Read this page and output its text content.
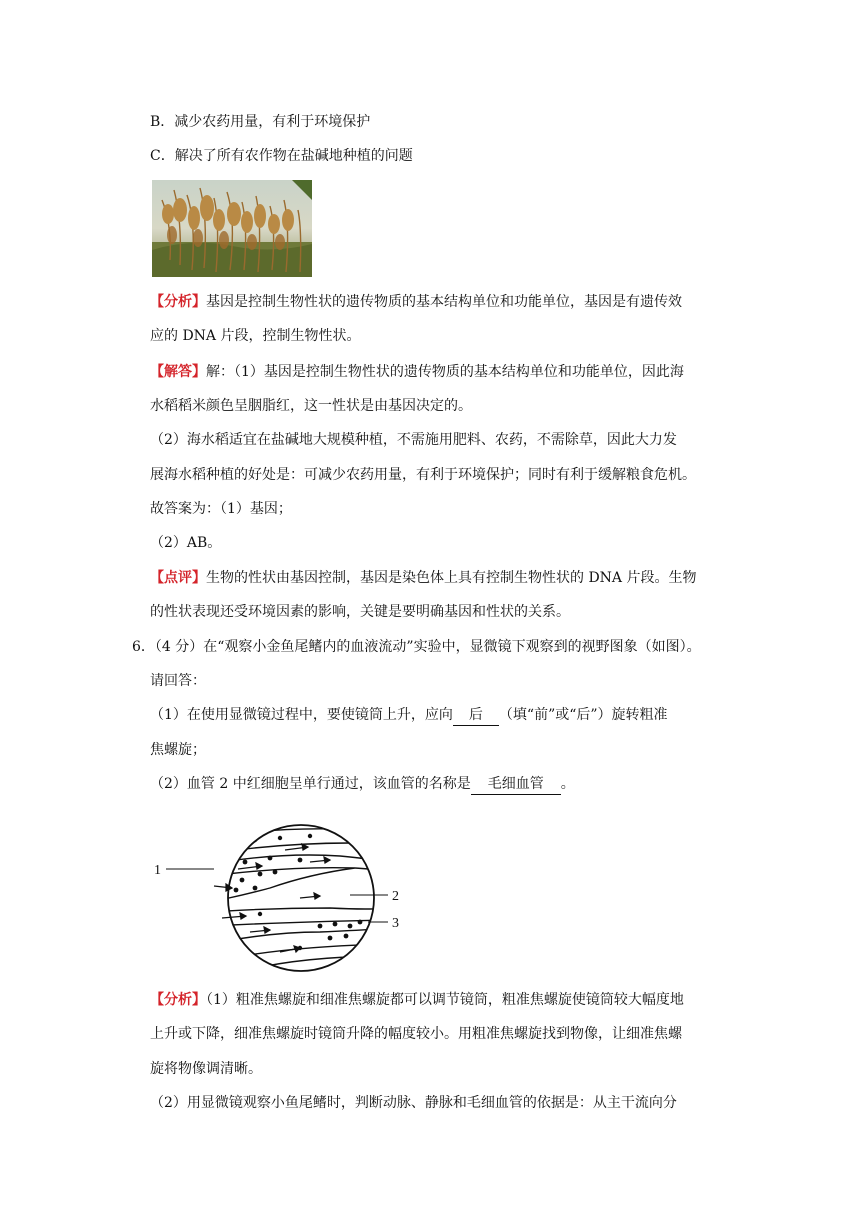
B．减少农药用量，有利于环境保护
C．解决了所有农作物在盐碱地种植的问题
【分析】基因是控制生物性状的遗传物质的基本结构单位和功能单位，基因是有遗传效
应的 DNA 片段，控制生物性状。
【解答】解：（1）基因是控制生物性状的遗传物质的基本结构单位和功能单位，因此海
水稻稻米颜色呈胭脂红，这一性状是由基因决定的。
（2）海水稻适宜在盐碱地大规模种植，不需施用肥料、农药，不需除草，因此大力发
展海水稻种植的好处是：可减少农药用量，有利于环境保护；同时有利于缓解粮食危机。
故答案为：（1）基因；
（2）AB。
【点评】生物的性状由基因控制，基因是染色体上具有控制生物性状的 DNA 片段。生物
的性状表现还受环境因素的影响，关键是要明确基因和性状的关系。
6．（4 分）在“观察小金鱼尾鳍内的血液流动”实验中，显微镜下观察到的视野图象（如图）。
请回答：
（1）在使用显微镜过程中，要使镜筒上升，应向 后 （填“前”或“后”）旋转粗准
焦螺旋；
（2）血管 2 中红细胞呈单行通过，该血管的名称是 毛细血管 。
1
2
3
【分析】（1）粗准焦螺旋和细准焦螺旋都可以调节镜筒，粗准焦螺旋使镜筒较大幅度地
上升或下降，细准焦螺旋时镜筒升降的幅度较小。用粗准焦螺旋找到物像，让细准焦螺
旋将物像调清晰。
（2）用显微镜观察小鱼尾鳍时，判断动脉、静脉和毛细血管的依据是：从主干流向分
